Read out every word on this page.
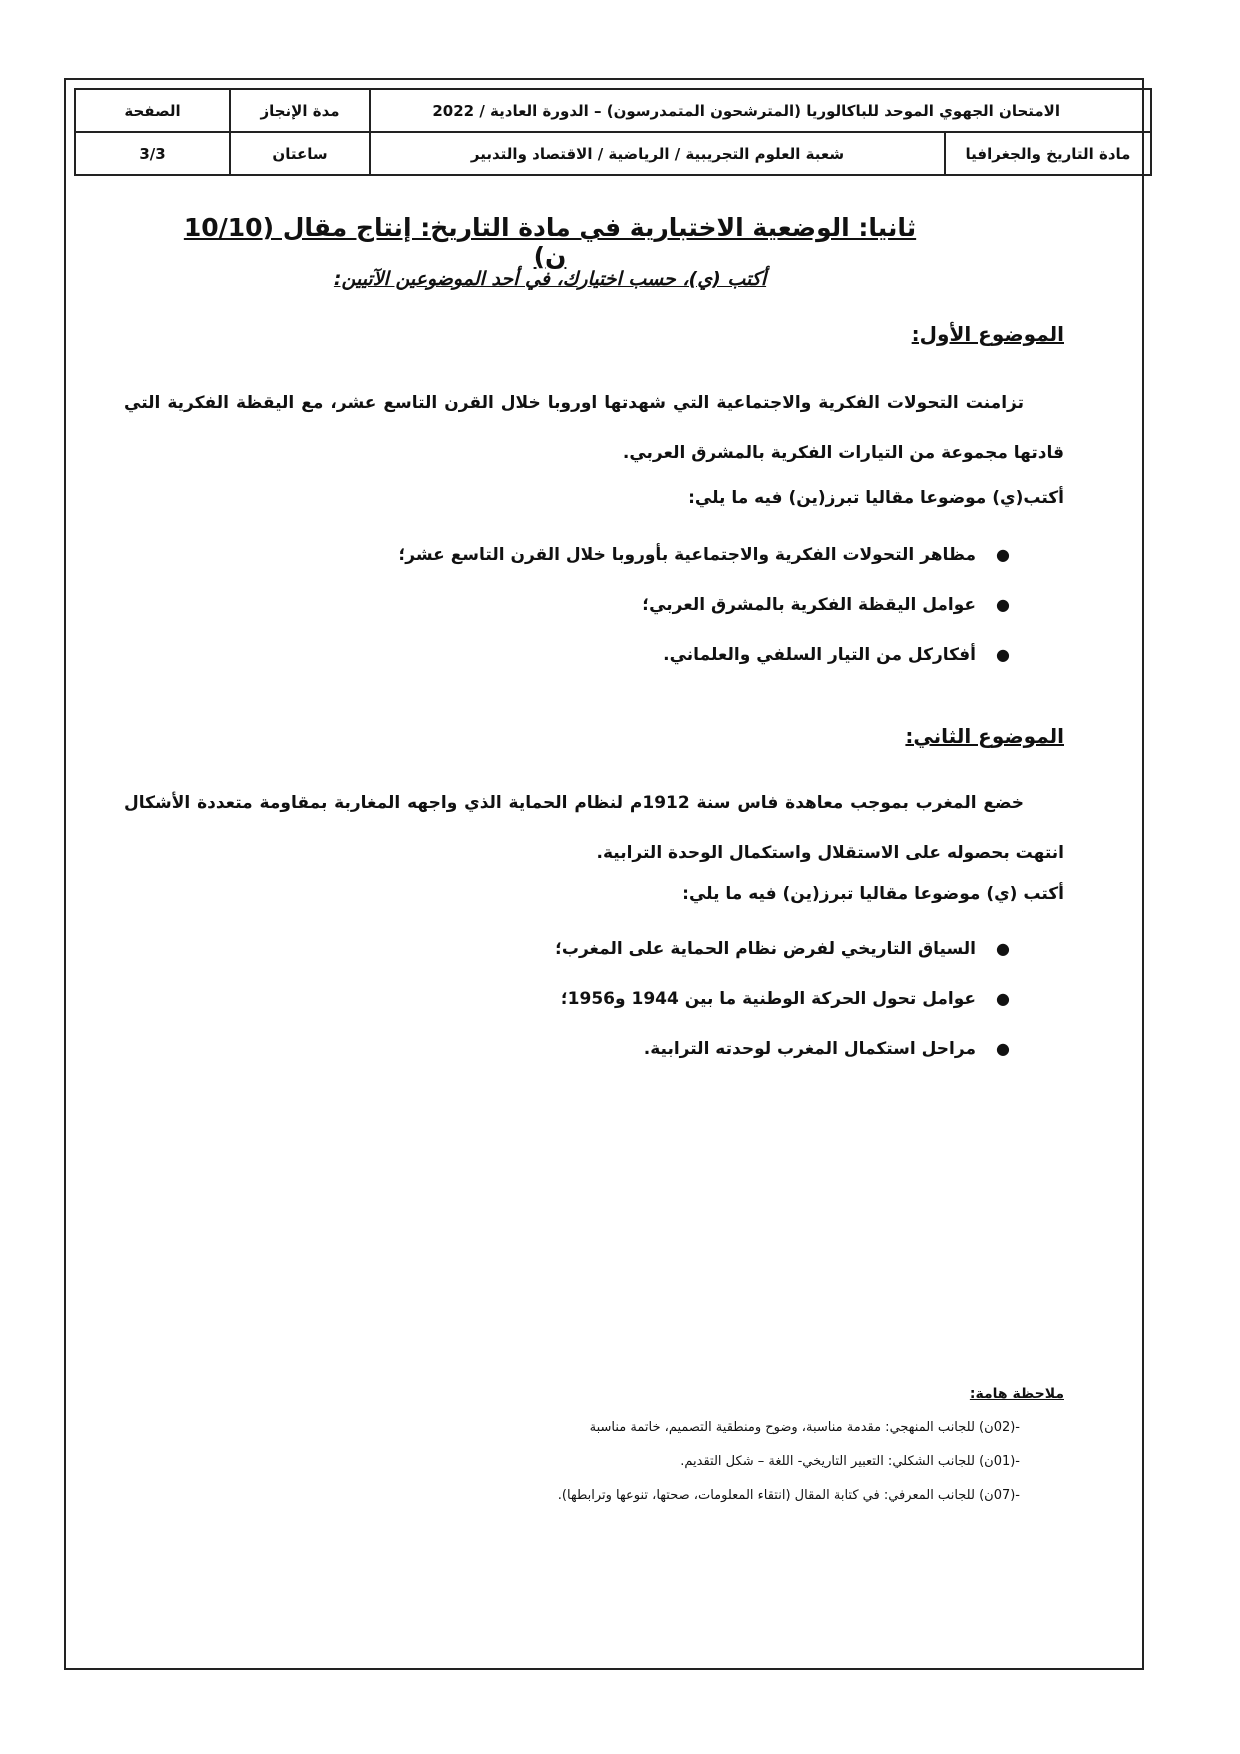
الصفحة	مدة الإنجاز	الامتحان الجهوي الموحد للباكالوريا (المترشحون المتمدرسون) – الدورة العادية / 2022	
3/3	ساعتان	شعبة العلوم التجريبية / الرياضية / الاقتصاد والتدبير	مادة التاريخ والجغرافيا
ثانيا: الوضعية الاختبارية في مادة التاريخ: إنتاج مقال (10/10 ن)
أكتب (ي)، حسب اختيارك، في أحد الموضوعين الآتيين:
الموضوع الأول:

تزامنت التحولات الفكرية والاجتماعية التي شهدتها اوروبا خلال القرن التاسع عشر، مع اليقظة الفكرية التي قادتها مجموعة من التيارات الفكرية بالمشرق العربي.

أكتب(ي) موضوعا مقاليا تبرز(ين) فيه ما يلي:
●
مظاهر التحولات الفكرية والاجتماعية بأوروبا خلال القرن التاسع عشر؛
●
عوامل اليقظة الفكرية بالمشرق العربي؛
●
أفكاركل من التيار السلفي والعلماني.
الموضوع الثاني:

خضع المغرب بموجب معاهدة فاس سنة 1912م لنظام الحماية الذي واجهه المغاربة بمقاومة متعددة الأشكال انتهت بحصوله على الاستقلال واستكمال الوحدة الترابية.

أكتب (ي) موضوعا مقاليا تبرز(ين) فيه ما يلي:
●
السياق التاريخي لفرض نظام الحماية على المغرب؛
●
عوامل تحول الحركة الوطنية ما بين 1944 و1956؛
●
مراحل استكمال المغرب لوحدته الترابية.
ملاحظة هامة:
-(02ن) للجانب المنهجي: مقدمة مناسبة، وضوح ومنطقية التصميم، خاتمة مناسبة
-(01ن) للجانب الشكلي: التعبير التاريخي- اللغة – شكل التقديم.
-(07ن) للجانب المعرفي: في كتابة المقال (انتقاء المعلومات، صحتها، تنوعها وترابطها).
